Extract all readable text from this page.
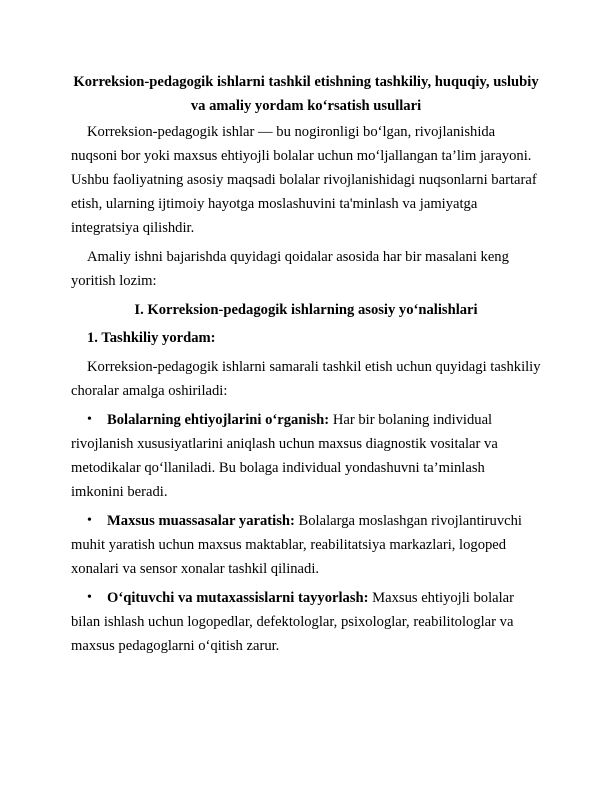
Korreksion-pedagogik ishlarni tashkil etishning tashkiliy, huquqiy, uslubiy va amaliy yordam ko‘rsatish usullari

Korreksion-pedagogik ishlar — bu nogironligi bo‘lgan, rivojlanishida nuqsoni bor yoki maxsus ehtiyojli bolalar uchun mo‘ljallangan ta’lim jarayoni. Ushbu faoliyatning asosiy maqsadi bolalar rivojlanishidagi nuqsonlarni bartaraf etish, ularning ijtimoiy hayotga moslashuvini ta'minlash va jamiyatga integratsiya qilishdir.

Amaliy ishni bajarishda quyidagi qoidalar asosida har bir masalani keng yoritish lozim:

I. Korreksion-pedagogik ishlarning asosiy yo‘nalishlari

1. Tashkiliy yordam:

Korreksion-pedagogik ishlarni samarali tashkil etish uchun quyidagi tashkiliy choralar amalga oshiriladi:

• Bolalarning ehtiyojlarini o‘rganish: Har bir bolaning individual rivojlanish xususiyatlarini aniqlash uchun maxsus diagnostik vositalar va metodikalar qo‘llaniladi. Bu bolaga individual yondashuvni ta’minlash imkonini beradi.
• Maxsus muassasalar yaratish: Bolalarga moslashgan rivojlantiruvchi muhit yaratish uchun maxsus maktablar, reabilitatsiya markazlari, logoped xonalari va sensor xonalar tashkil qilinadi.
• O‘qituvchi va mutaxassislarni tayyorlash: Maxsus ehtiyojli bolalar bilan ishlash uchun logopedlar, defektologlar, psixologlar, reabilitologlar va maxsus pedagoglarni o‘qitish zarur.
